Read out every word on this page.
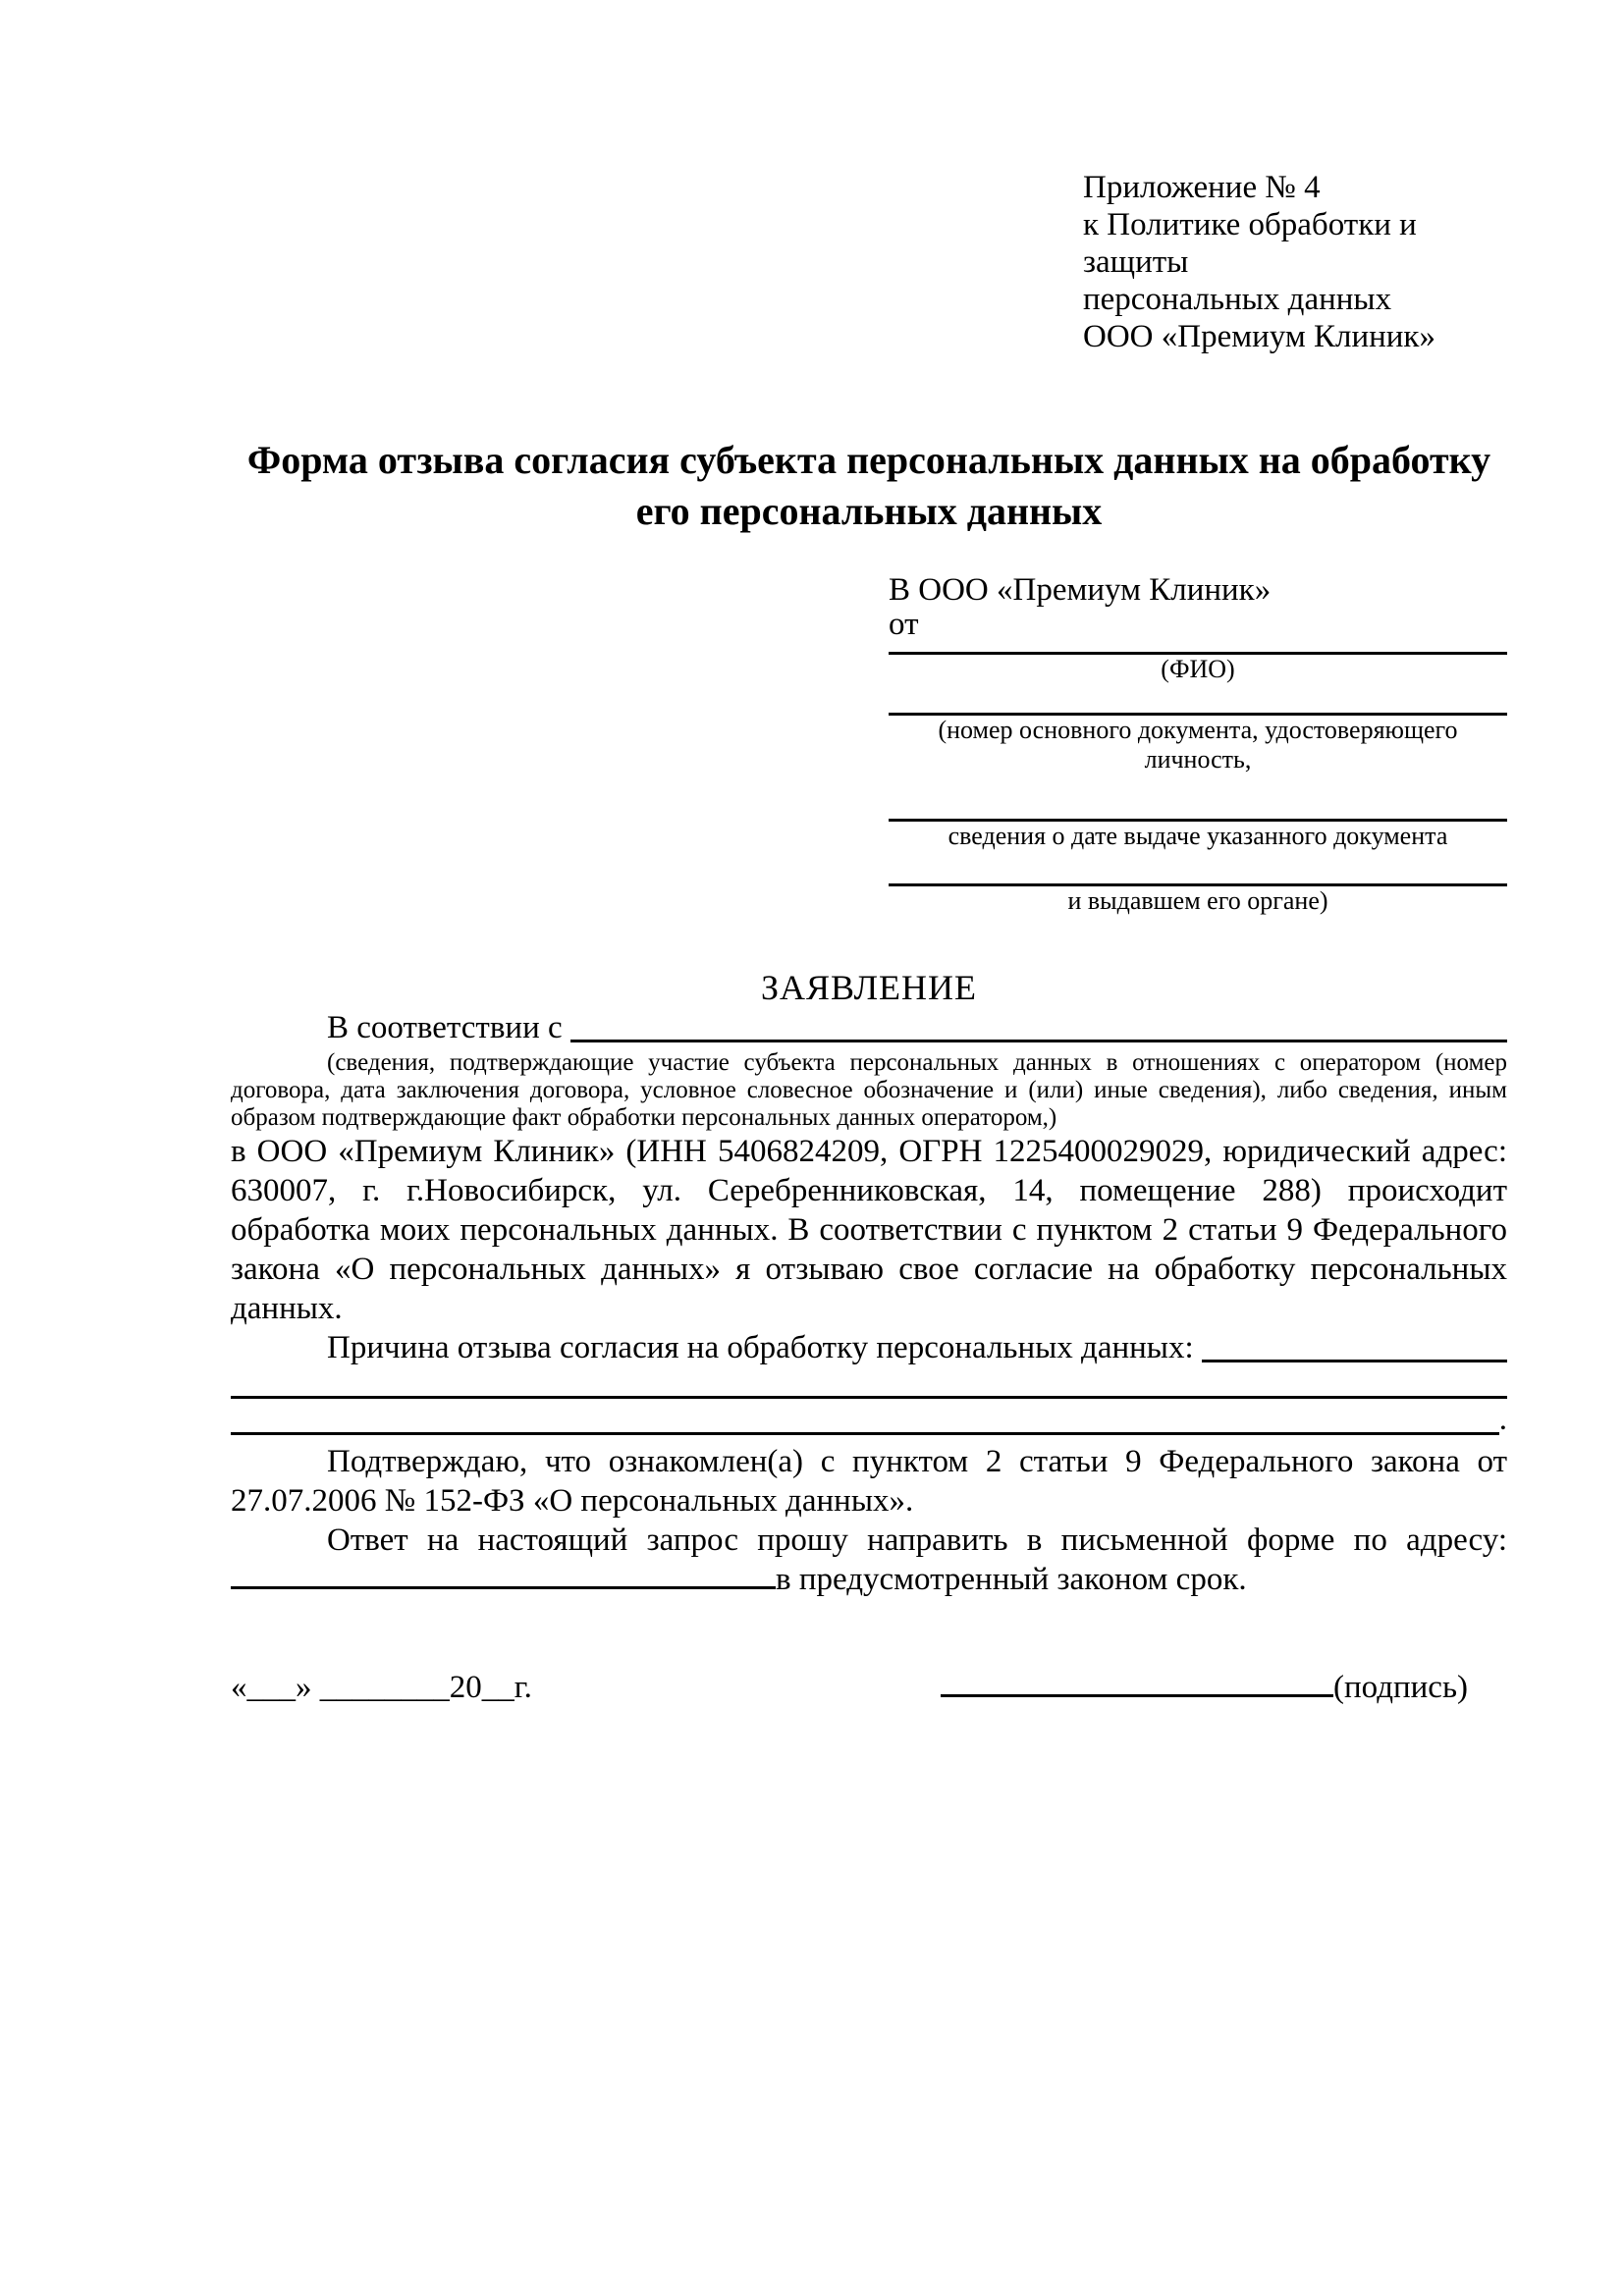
Приложение № 4
к Политике обработки и защиты
персональных данных
ООО «Премиум Клиник»
Форма отзыва согласия субъекта персональных данных на обработку его персональных данных
В ООО «Премиум Клиник»
от
(ФИО)
(номер основного документа, удостоверяющего личность,
сведения о дате выдаче указанного документа
и выдавшем его органе)
ЗАЯВЛЕНИЕ
В соответствии с
(сведения, подтверждающие участие субъекта персональных данных в отношениях с оператором (номер договора, дата заключения договора, условное словесное обозначение и (или) иные сведения), либо сведения, иным образом подтверждающие факт обработки персональных данных оператором,)
в ООО «Премиум Клиник» (ИНН 5406824209, ОГРН 1225400029029, юридический адрес: 630007, г. г.Новосибирск, ул. Серебренниковская, 14, помещение 288) происходит обработка моих персональных данных. В соответствии с пунктом 2 статьи 9 Федерального закона «О персональных данных» я отзываю свое согласие на обработку персональных данных.
Причина отзыва согласия на обработку персональных данных:
.
Подтверждаю, что ознакомлен(а) с пунктом 2 статьи 9 Федерального закона от 27.07.2006 № 152-ФЗ «О персональных данных».
Ответ на настоящий запрос прошу направить в письменной форме по адресу: в предусмотренный законом срок.
«___» ________20__г.	(подпись)
